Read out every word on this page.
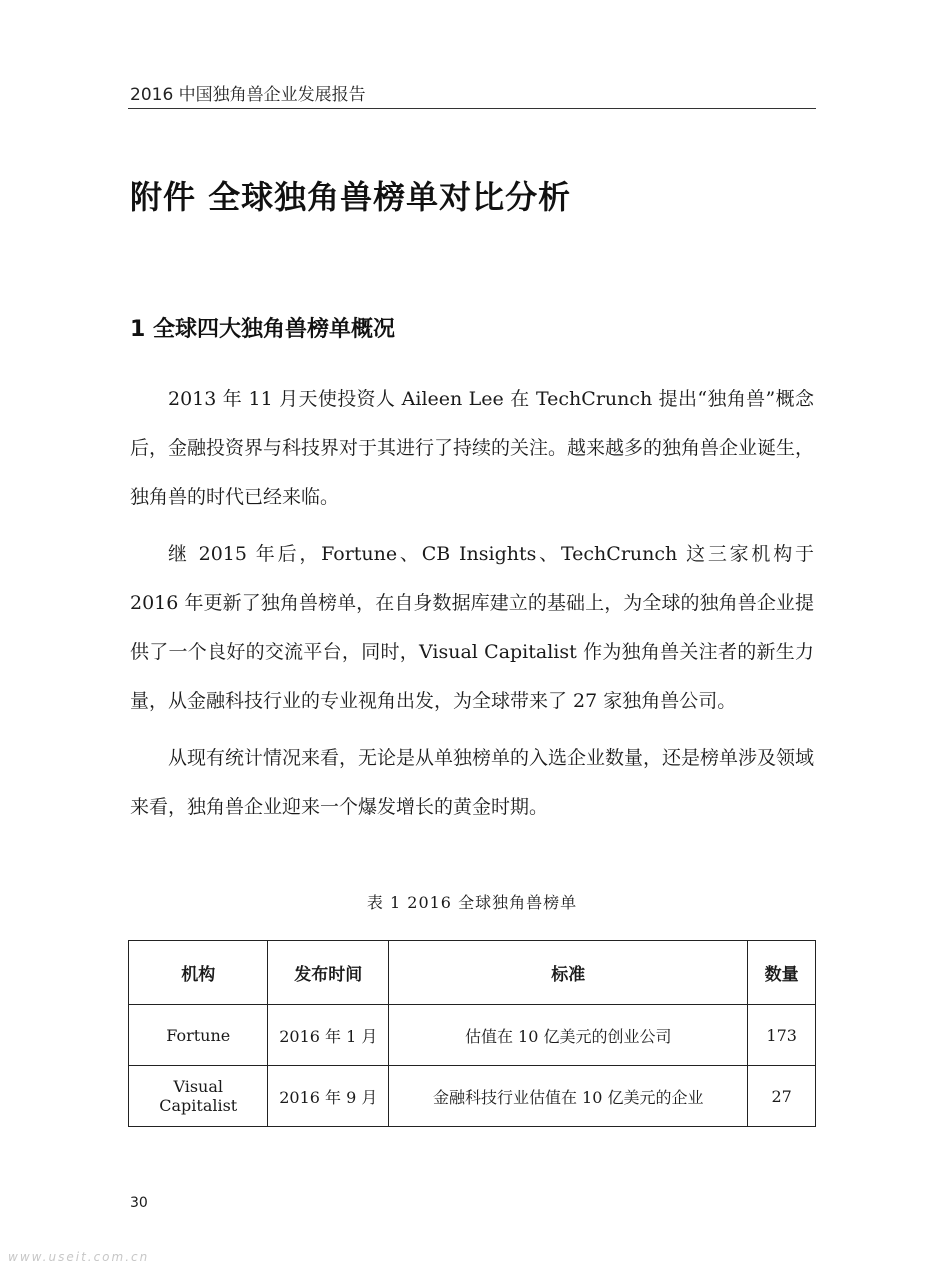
2016 中国独角兽企业发展报告
附件 全球独角兽榜单对比分析
1 全球四大独角兽榜单概况

2013 年 11 月天使投资人 Aileen Lee 在 TechCrunch 提出“独角兽”概念后，金融投资界与科技界对于其进行了持续的关注。越来越多的独角兽企业诞生，独角兽的时代已经来临。

继 2015 年后，Fortune、CB Insights、TechCrunch 这三家机构于 2016 年更新了独角兽榜单，在自身数据库建立的基础上，为全球的独角兽企业提供了一个良好的交流平台，同时，Visual Capitalist 作为独角兽关注者的新生力量，从金融科技行业的专业视角出发，为全球带来了 27 家独角兽公司。

从现有统计情况来看，无论是从单独榜单的入选企业数量，还是榜单涉及领域来看，独角兽企业迎来一个爆发增长的黄金时期。

表 1 2016 全球独角兽榜单
机构	发布时间	标准	数量
Fortune	2016 年 1 月	估值在 10 亿美元的创业公司	173
Visual Capitalist	2016 年 9 月	金融科技行业估值在 10 亿美元的企业	27
30
www.useit.com.cn
